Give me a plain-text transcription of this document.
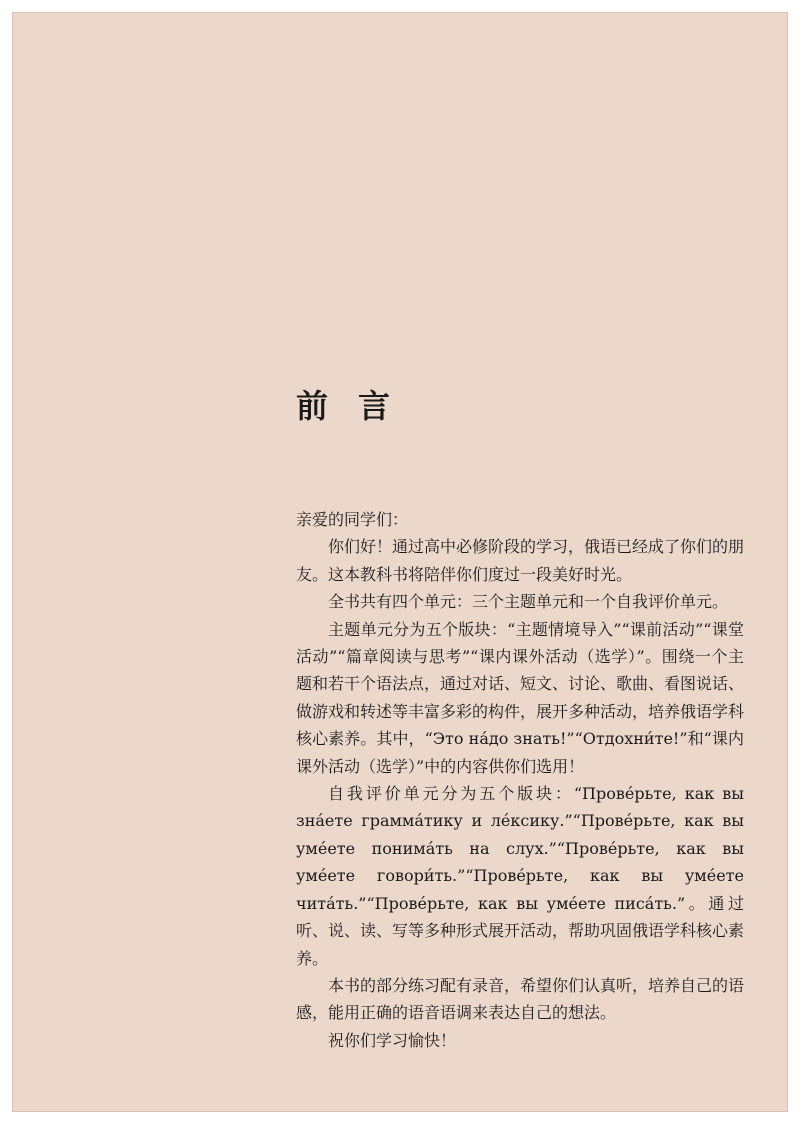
前言

亲爱的同学们：

你们好！通过高中必修阶段的学习，俄语已经成了你们的朋友。这本教科书将陪伴你们度过一段美好时光。

全书共有四个单元：三个主题单元和一个自我评价单元。

主题单元分为五个版块：“主题情境导入”“课前活动”“课堂活动”“篇章阅读与思考”“课内课外活动（选学）”。围绕一个主题和若干个语法点，通过对话、短文、讨论、歌曲、看图说话、做游戏和转述等丰富多彩的构件，展开多种活动，培养俄语学科核心素养。其中，“Это на́до знать!”“Отдохни́те!”和“课内课外活动（选学）”中的内容供你们选用！

自我评价单元分为五个版块：“Прове́рьте, как вы зна́ете грамма́тику и ле́ксику.”“Прове́рьте, как вы уме́ете понима́ть на слух.”“Прове́рьте, как вы уме́ете говори́ть.”“Прове́рьте, как вы уме́ете чита́ть.”“Прове́рьте, как вы уме́ете писа́ть.”。通过听、说、读、写等多种形式展开活动，帮助巩固俄语学科核心素养。

本书的部分练习配有录音，希望你们认真听，培养自己的语感，能用正确的语音语调来表达自己的想法。

祝你们学习愉快！
